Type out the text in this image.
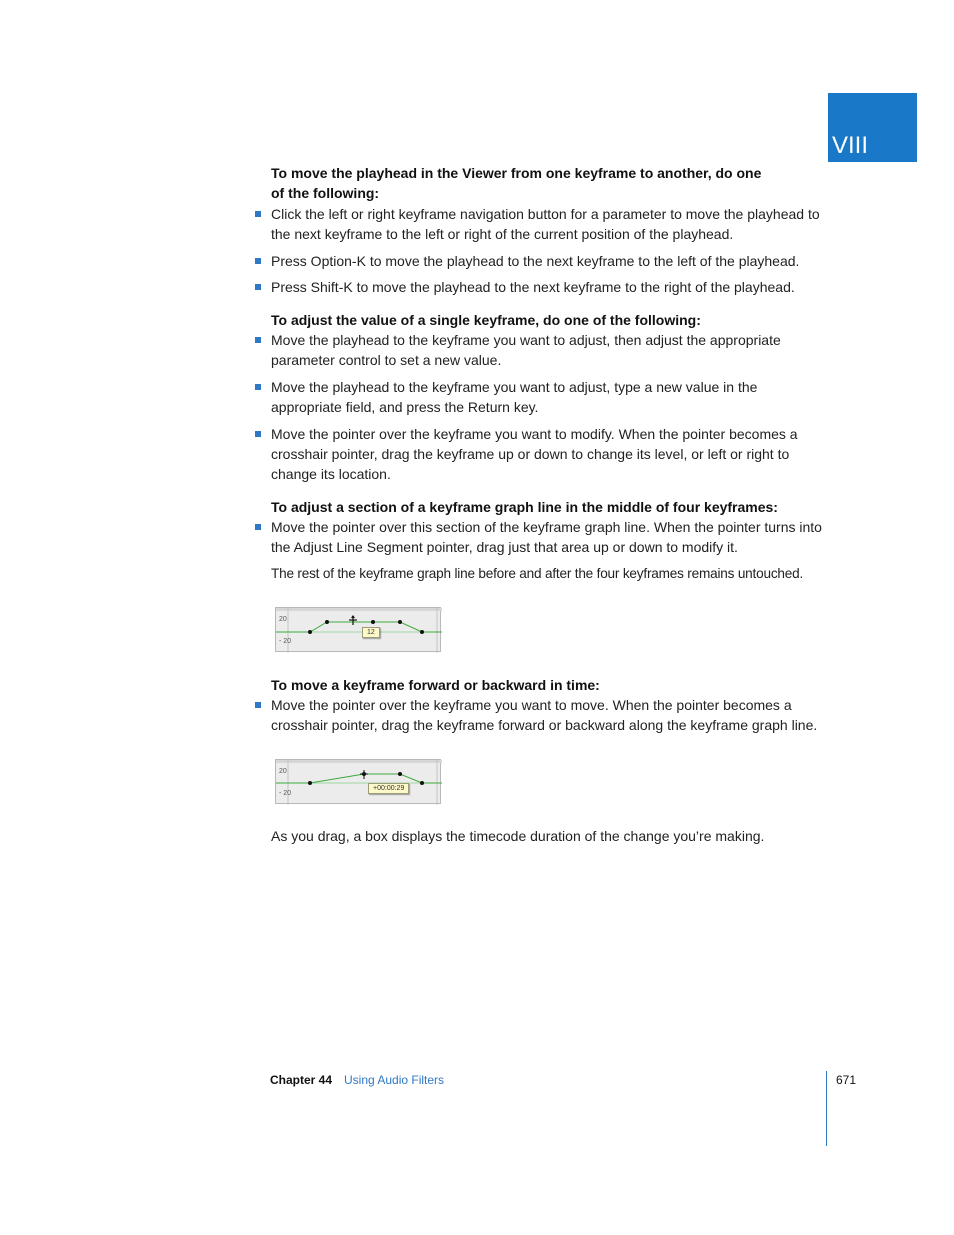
VIII
To move the playhead in the Viewer from one keyframe to another, do one
of the following:
Click the left or right keyframe navigation button for a parameter to move the playhead to the next keyframe to the left or right of the current position of the playhead.
Press Option-K to move the playhead to the next keyframe to the left of the playhead.
Press Shift-K to move the playhead to the next keyframe to the right of the playhead.
To adjust the value of a single keyframe, do one of the following:
Move the playhead to the keyframe you want to adjust, then adjust the appropriate parameter control to set a new value.
Move the playhead to the keyframe you want to adjust, type a new value in the appropriate field, and press the Return key.
Move the pointer over the keyframe you want to modify. When the pointer becomes a crosshair pointer, drag the keyframe up or down to change its level, or left or right to change its location.
To adjust a section of a keyframe graph line in the middle of four keyframes:
Move the pointer over this section of the keyframe graph line. When the pointer turns into the Adjust Line Segment pointer, drag just that area up or down to modify it.
The rest of the keyframe graph line before and after the four keyframes remains untouched.
20
- 20
12
To move a keyframe forward or backward in time:
Move the pointer over the keyframe you want to move. When the pointer becomes a crosshair pointer, drag the keyframe forward or backward along the keyframe graph line.
20
- 20
+00:00:29
As you drag, a box displays the timecode duration of the change you’re making.
Chapter 44 Using Audio Filters	671
